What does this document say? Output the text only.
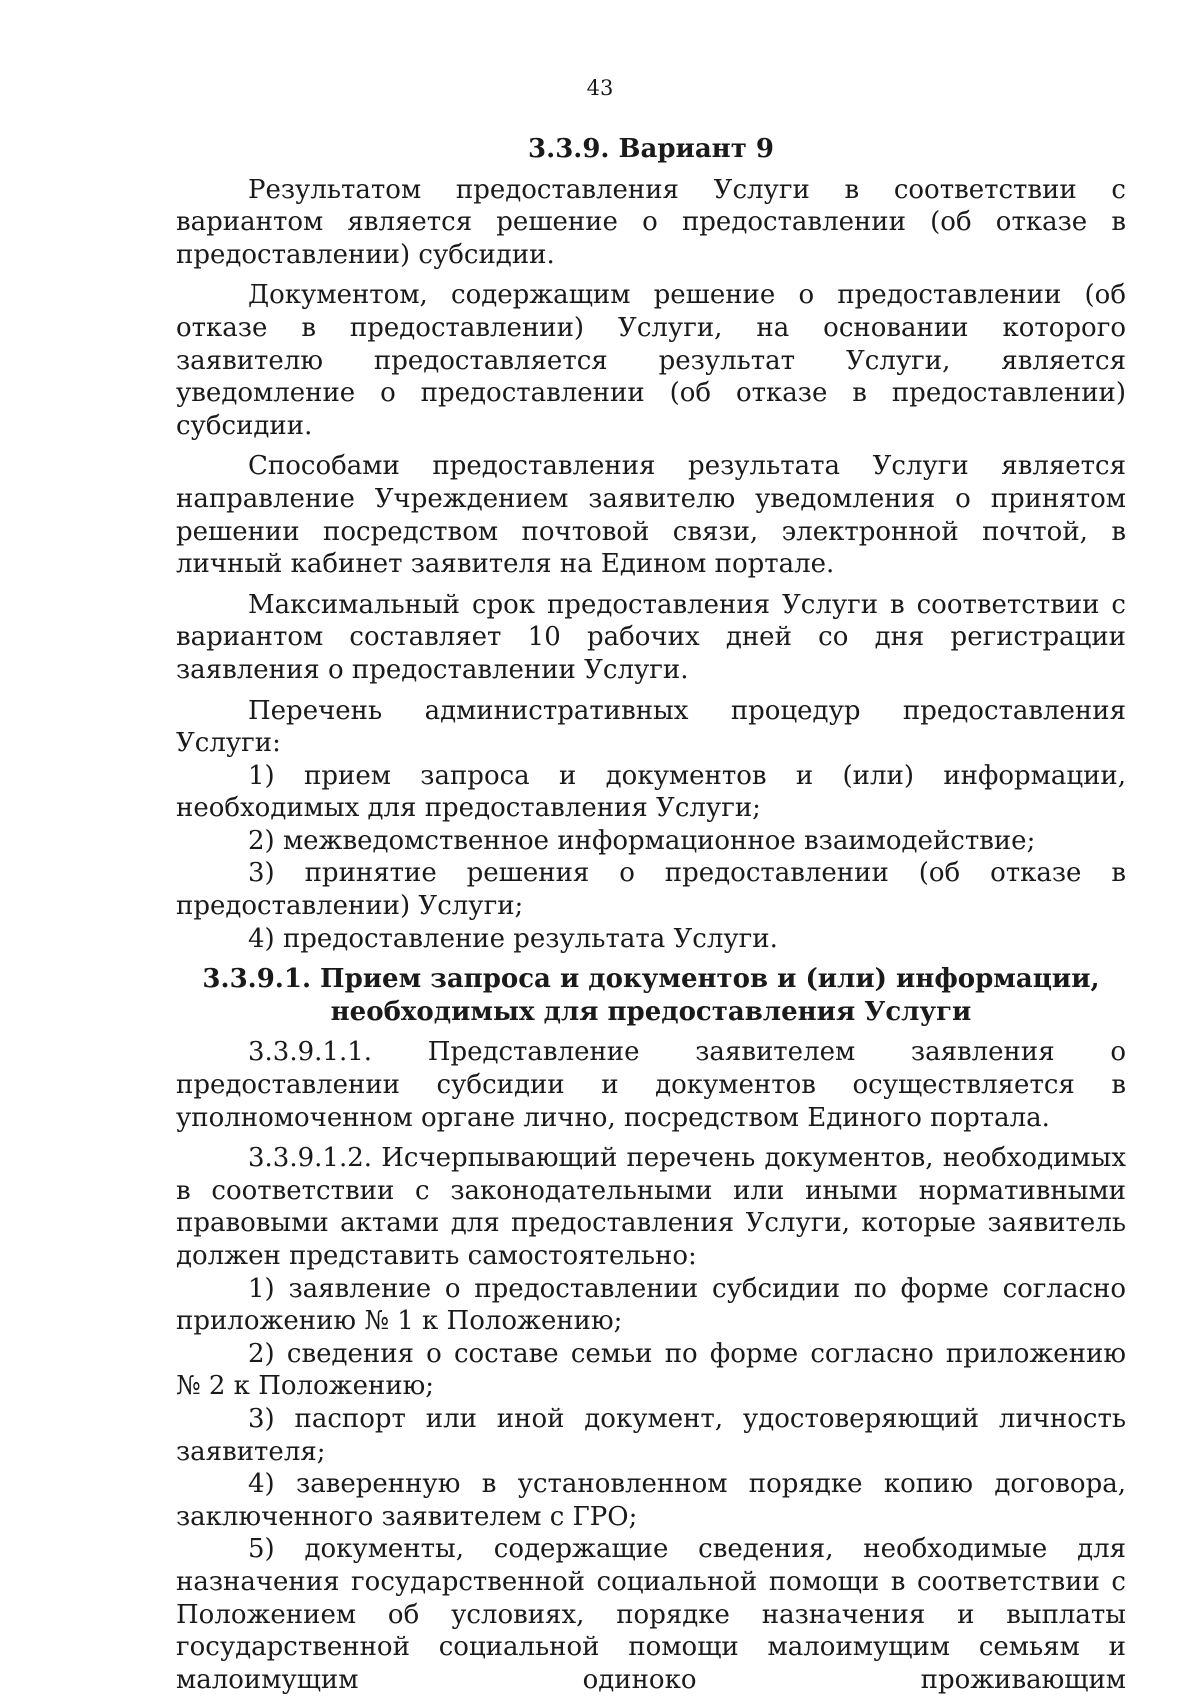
43
3.3.9. Вариант 9

Результатом предоставления Услуги в соответствии с вариантом является решение о предоставлении (об отказе в предоставлении) субсидии.

Документом, содержащим решение о предоставлении (об отказе в предоставлении) Услуги, на основании которого заявителю предоставляется результат Услуги, является уведомление о предоставлении (об отказе в предоставлении) субсидии.

Способами предоставления результата Услуги является направление Учреждением заявителю уведомления о принятом решении посредством почтовой связи, электронной почтой, в личный кабинет заявителя на Едином портале.

Максимальный срок предоставления Услуги в соответствии с вариантом составляет 10 рабочих дней со дня регистрации заявления о предоставлении Услуги.

Перечень административных процедур предоставления Услуги:

1) прием запроса и документов и (или) информации, необходимых для предоставления Услуги;

2) межведомственное информационное взаимодействие;

3) принятие решения о предоставлении (об отказе в предоставлении) Услуги;

4) предоставление результата Услуги.

3.3.9.1. Прием запроса и документов и (или) информации, необходимых для предоставления Услуги

3.3.9.1.1. Представление заявителем заявления о предоставлении субсидии и документов осуществляется в уполномоченном органе лично, посредством Единого портала.

3.3.9.1.2. Исчерпывающий перечень документов, необходимых в соответствии с законодательными или иными нормативными правовыми актами для предоставления Услуги, которые заявитель должен представить самостоятельно:

1) заявление о предоставлении субсидии по форме согласно приложению № 1 к Положению;

2) сведения о составе семьи по форме согласно приложению № 2 к Положению;

3) паспорт или иной документ, удостоверяющий личность заявителя;

4) заверенную в установленном порядке копию договора, заключенного заявителем с ГРО;

5) документы, содержащие сведения, необходимые для назначения государственной социальной помощи в соответствии с Положением об условиях, порядке назначения и выплаты государственной социальной помощи малоимущим семьям и малоимущим одиноко проживающим
